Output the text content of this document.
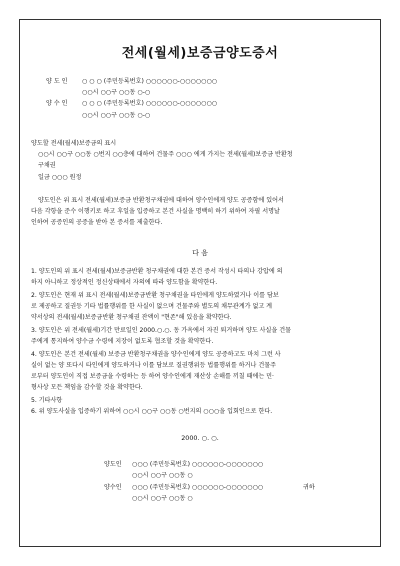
전세(월세)보증금양도증서
양 도 인 ○ ○ ○ (주민등록번호) ○○○○○○-○○○○○○○
○○시 ○○구 ○○동 ○-○
양 수 인 ○ ○ ○ (주민등록번호) ○○○○○○-○○○○○○○
○○시 ○○구 ○○동 ○-○
양도할 전세(월세)보증금의 표시
○○시 ○○구 ○○동 ○번지 ○○층에 대하여 건물주 ○○○ 에게 가지는 전세(월세)보증금 반환청
구채권
일금 ○○○ 원정
양도인은 위 표시 전세(월세)보증금 반환청구채권에 대하여 양수인에게 양도 공증함에 있어서
다음 각항을 준수 이행키로 하고 후일을 입증하고 본건 사실을 명백히 하기 위하여 자필 서명날
인하여 공증인의 공증을 받아 본 증서를 제출한다.
다 음
1. 양도인의 위 표시 전세(월세)보증금반환 청구채권에 대한 본건 증서 작성시 타의나 강압에 의
하지 아니하고 정상적인 정신상태에서 자의에 따라 양도함을 확약한다.
2. 양도인은 현재 위 표시 전세(월세)보증금반환 청구채권을 타인에게 양도하였거나 이를 담보
로 제공하고 질권등 기타 법률행위를 한 사실이 없으며 건물주와 별도의 채무관계가 없고 계
약서상의 전세(월세)보증금반환 청구채권 잔액이 "현존"해 있음을 확약한다.
3. 양도인은 위 전세(월세)기간 만료일인 2000.○.○. 동 가옥에서 자진 퇴거하며 양도 사실을 건물
주에게 통지하여 양수금 수령에 지장이 없도록 협조할 것을 확약한다.
4. 양도인은 본건 전세(월세) 보증금 반환청구채권을 양수인에게 양도 공증하고도 마치 그런 사
실이 없는 양 또다시 타인에게 양도하거나 이를 담보로 질권행위등 법률행위를 하거나 건물주
로부터 양도인이 직접 보증금을 수령하는 등 하여 양수인에게 재산상 손해를 끼칠 때에는 민·
형사상 모든 책임을 감수할 것을 확약한다.
5. 기타사항
6. 위 양도사실을 입증하기 위하여 ○○시 ○○구 ○○동 ○번지의 ○○○을 입회인으로 한다.
2000. ○. ○.
양도인 ○○○ (주민등록번호) ○○○○○○-○○○○○○○
○○시 ○○구 ○○동 ○
양수인 ○○○ (주민등록번호) ○○○○○○-○○○○○○○	귀하
○○시 ○○구 ○○동 ○
